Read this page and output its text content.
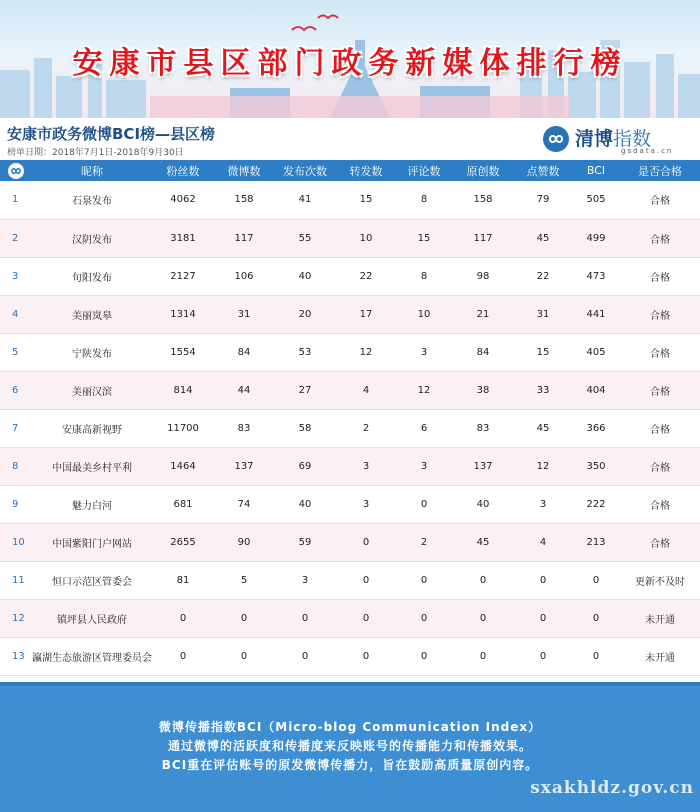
安康市县区部门政务新媒体排行榜
安康市政务微博BCI榜—县区榜
榜单日期：2018年7月1日-2018年9月30日
清博指数
gsdata.cn
	昵称	粉丝数	微博数	发布次数	转发数	评论数	原创数	点赞数	BCI	是否合格
1	石泉发布	4062	158	41	15	8	158	79	505	合格
2	汉阴发布	3181	117	55	10	15	117	45	499	合格
3	旬阳发布	2127	106	40	22	8	98	22	473	合格
4	美丽岚皋	1314	31	20	17	10	21	31	441	合格
5	宁陕发布	1554	84	53	12	3	84	15	405	合格
6	美丽汉滨	814	44	27	4	12	38	33	404	合格
7	安康高新视野	11700	83	58	2	6	83	45	366	合格
8	中国最美乡村平利	1464	137	69	3	3	137	12	350	合格
9	魅力白河	681	74	40	3	0	40	3	222	合格
10	中国紫阳门户网站	2655	90	59	0	2	45	4	213	合格
11	恒口示范区管委会	81	5	3	0	0	0	0	0	更新不及时
12	镇坪县人民政府	0	0	0	0	0	0	0	0	未开通
13	瀛湖生态旅游区管理委员会	0	0	0	0	0	0	0	0	未开通
微博传播指数BCI（Micro-blog Communication Index）
通过微博的活跃度和传播度来反映账号的传播能力和传播效果。
BCI重在评估账号的原发微博传播力，旨在鼓励高质量原创内容。
sxakhldz.gov.cn
